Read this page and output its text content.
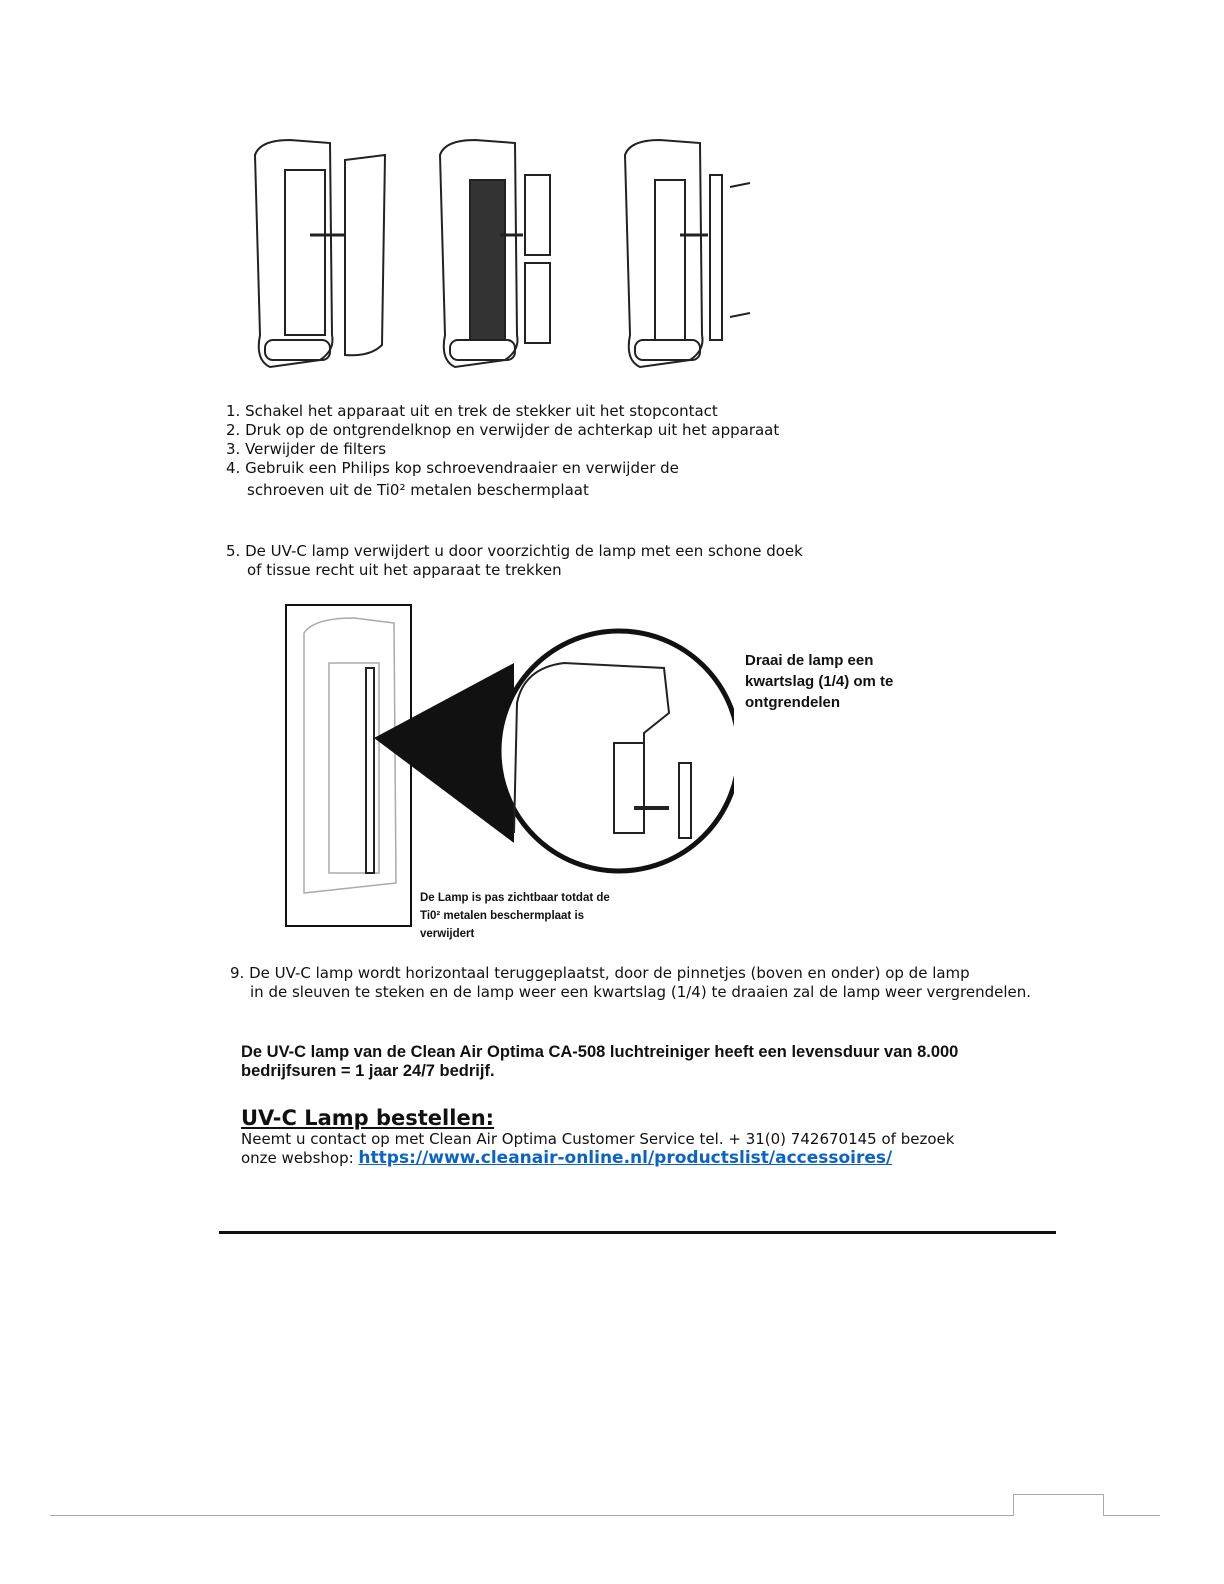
1. Schakel het apparaat uit en trek de stekker uit het stopcontact
2. Druk op de ontgrendelknop en verwijder de achterkap uit het apparaat
3. Verwijder de filters
4. Gebruik een Philips kop schroevendraaier en verwijder de
schroeven uit de Ti0² metalen beschermplaat
5. De UV-C lamp verwijdert u door voorzichtig de lamp met een schone doek
of tissue recht uit het apparaat te trekken
Draai de lamp een
kwartslag (1/4) om te
ontgrendelen
De Lamp is pas zichtbaar totdat de
Ti0² metalen beschermplaat is
verwijdert
9. De UV-C lamp wordt horizontaal teruggeplaatst, door de pinnetjes (boven en onder) op de lamp
in de sleuven te steken en de lamp weer een kwartslag (1/4) te draaien zal de lamp weer vergrendelen.
De UV-C lamp van de Clean Air Optima CA-508 luchtreiniger heeft een levensduur van 8.000
bedrijfsuren = 1 jaar 24/7 bedrijf.
UV-C Lamp bestellen:
Neemt u contact op met Clean Air Optima Customer Service tel. + 31(0) 742670145 of bezoek
onze webshop: https://www.cleanair-online.nl/productslist/accessoires/
